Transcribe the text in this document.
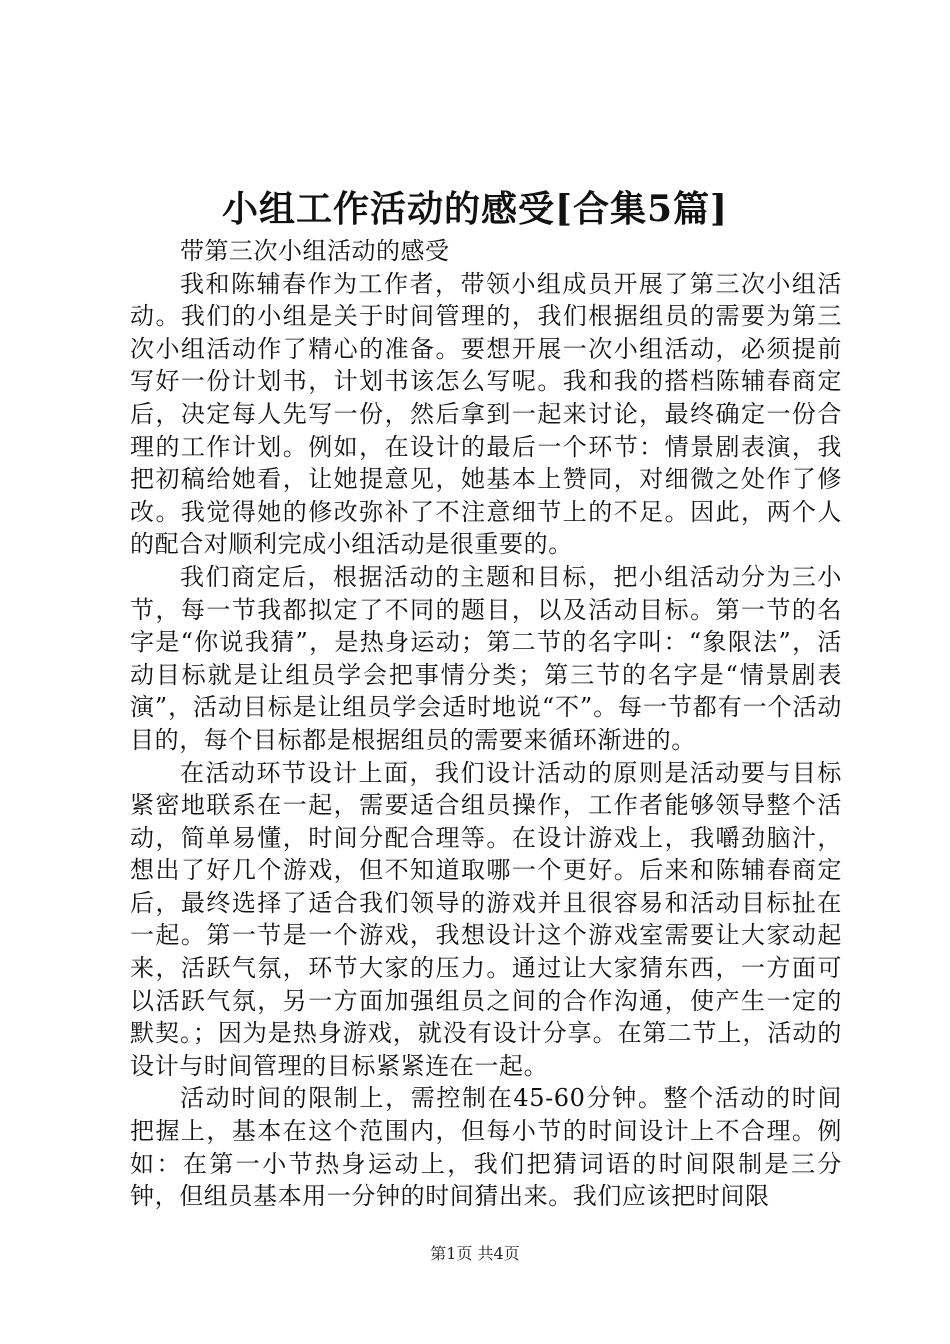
小组工作活动的感受[合集5篇]

带第三次小组活动的感受

我和陈辅春作为工作者，带领小组成员开展了第三次小组活动。我们的小组是关于时间管理的，我们根据组员的需要为第三次小组活动作了精心的准备。要想开展一次小组活动，必须提前写好一份计划书，计划书该怎么写呢。我和我的搭档陈辅春商定后，决定每人先写一份，然后拿到一起来讨论，最终确定一份合理的工作计划。例如，在设计的最后一个环节：情景剧表演，我把初稿给她看，让她提意见，她基本上赞同，对细微之处作了修改。我觉得她的修改弥补了不注意细节上的不足。因此，两个人的配合对顺利完成小组活动是很重要的。

我们商定后，根据活动的主题和目标，把小组活动分为三小节，每一节我都拟定了不同的题目，以及活动目标。第一节的名字是“你说我猜”，是热身运动；第二节的名字叫：“象限法”，活动目标就是让组员学会把事情分类；第三节的名字是“情景剧表演”，活动目标是让组员学会适时地说“不”。每一节都有一个活动目的，每个目标都是根据组员的需要来循环渐进的。

在活动环节设计上面，我们设计活动的原则是活动要与目标紧密地联系在一起，需要适合组员操作，工作者能够领导整个活动，简单易懂，时间分配合理等。在设计游戏上，我嚼劲脑汁，想出了好几个游戏，但不知道取哪一个更好。后来和陈辅春商定后，最终选择了适合我们领导的游戏并且很容易和活动目标扯在一起。第一节是一个游戏，我想设计这个游戏室需要让大家动起来，活跃气氛，环节大家的压力。通过让大家猜东西，一方面可以活跃气氛，另一方面加强组员之间的合作沟通，使产生一定的默契。；因为是热身游戏，就没有设计分享。在第二节上，活动的设计与时间管理的目标紧紧连在一起。

活动时间的限制上，需控制在45-60分钟。整个活动的时间把握上，基本在这个范围内，但每小节的时间设计上不合理。例如：在第一小节热身运动上，我们把猜词语的时间限制是三分钟，但组员基本用一分钟的时间猜出来。我们应该把时间限

第1页 共4页
